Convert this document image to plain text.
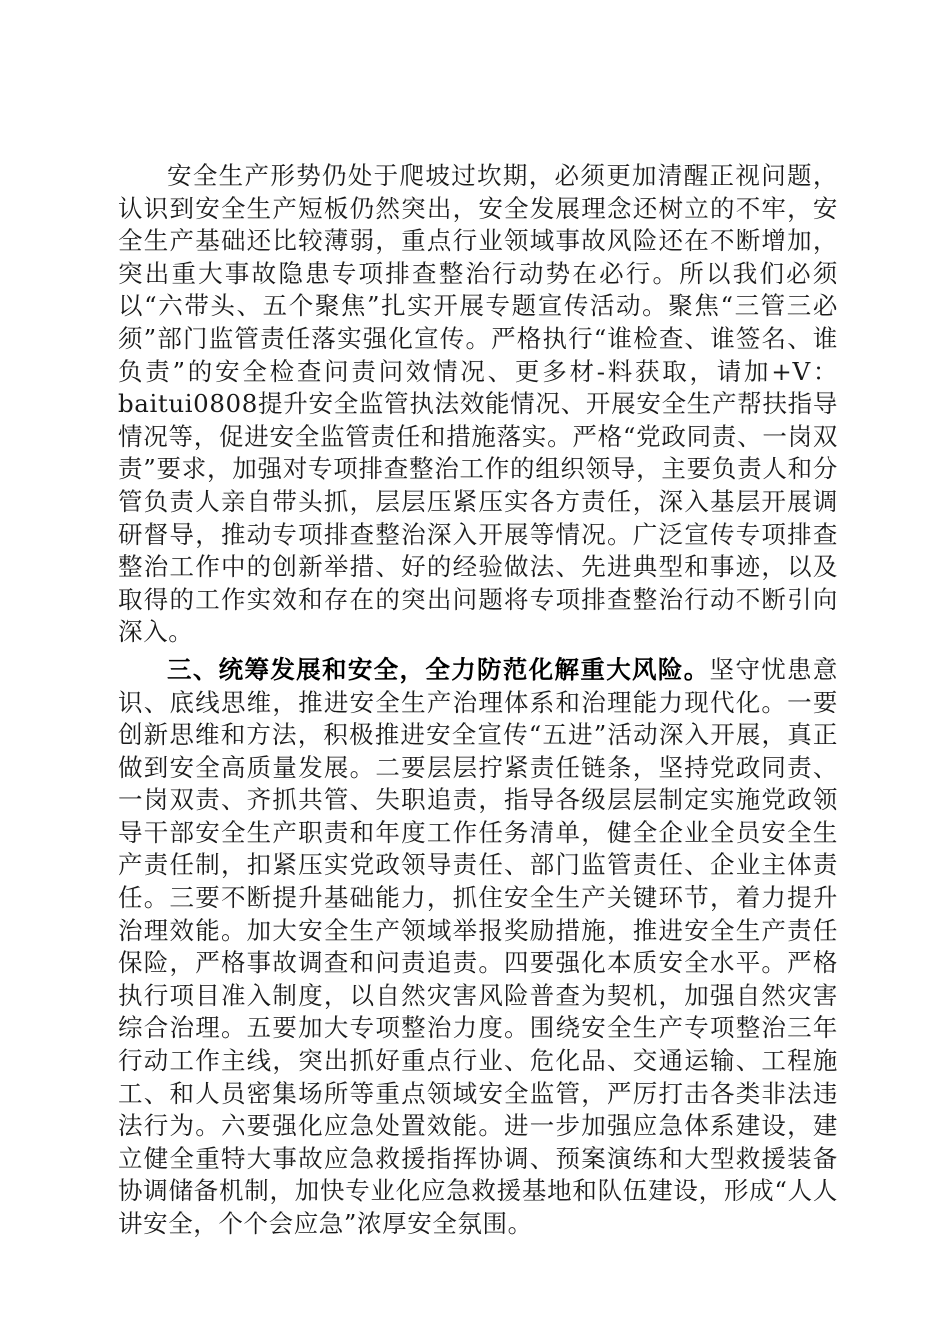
安全生产形势仍处于爬坡过坎期，必须更加清醒正视问题，认识到安全生产短板仍然突出，安全发展理念还树立的不牢，安全生产基础还比较薄弱，重点行业领域事故风险还在不断增加，突出重大事故隐患专项排查整治行动势在必行。所以我们必须以“六带头、五个聚焦”扎实开展专题宣传活动。聚焦“三管三必须”部门监管责任落实强化宣传。严格执行“谁检查、谁签名、谁负责”的安全检查问责问效情况、更多材-料获取，请加+V：baitui0808提升安全监管执法效能情况、开展安全生产帮扶指导情况等，促进安全监管责任和措施落实。严格“党政同责、一岗双责”要求，加强对专项排查整治工作的组织领导，主要负责人和分管负责人亲自带头抓，层层压紧压实各方责任，深入基层开展调研督导，推动专项排查整治深入开展等情况。广泛宣传专项排查整治工作中的创新举措、好的经验做法、先进典型和事迹，以及取得的工作实效和存在的突出问题将专项排查整治行动不断引向深入。

三、统筹发展和安全，全力防范化解重大风险。坚守忧患意识、底线思维，推进安全生产治理体系和治理能力现代化。一要创新思维和方法，积极推进安全宣传“五进”活动深入开展，真正做到安全高质量发展。二要层层拧紧责任链条，坚持党政同责、一岗双责、齐抓共管、失职追责，指导各级层层制定实施党政领导干部安全生产职责和年度工作任务清单，健全企业全员安全生产责任制，扣紧压实党政领导责任、部门监管责任、企业主体责任。三要不断提升基础能力，抓住安全生产关键环节，着力提升治理效能。加大安全生产领域举报奖励措施，推进安全生产责任保险，严格事故调查和问责追责。四要强化本质安全水平。严格执行项目准入制度，以自然灾害风险普查为契机，加强自然灾害综合治理。五要加大专项整治力度。围绕安全生产专项整治三年行动工作主线，突出抓好重点行业、危化品、交通运输、工程施工、和人员密集场所等重点领域安全监管，严厉打击各类非法违法行为。六要强化应急处置效能。进一步加强应急体系建设，建立健全重特大事故应急救援指挥协调、预案演练和大型救援装备协调储备机制，加快专业化应急救援基地和队伍建设，形成“人人讲安全，个个会应急”浓厚安全氛围。
